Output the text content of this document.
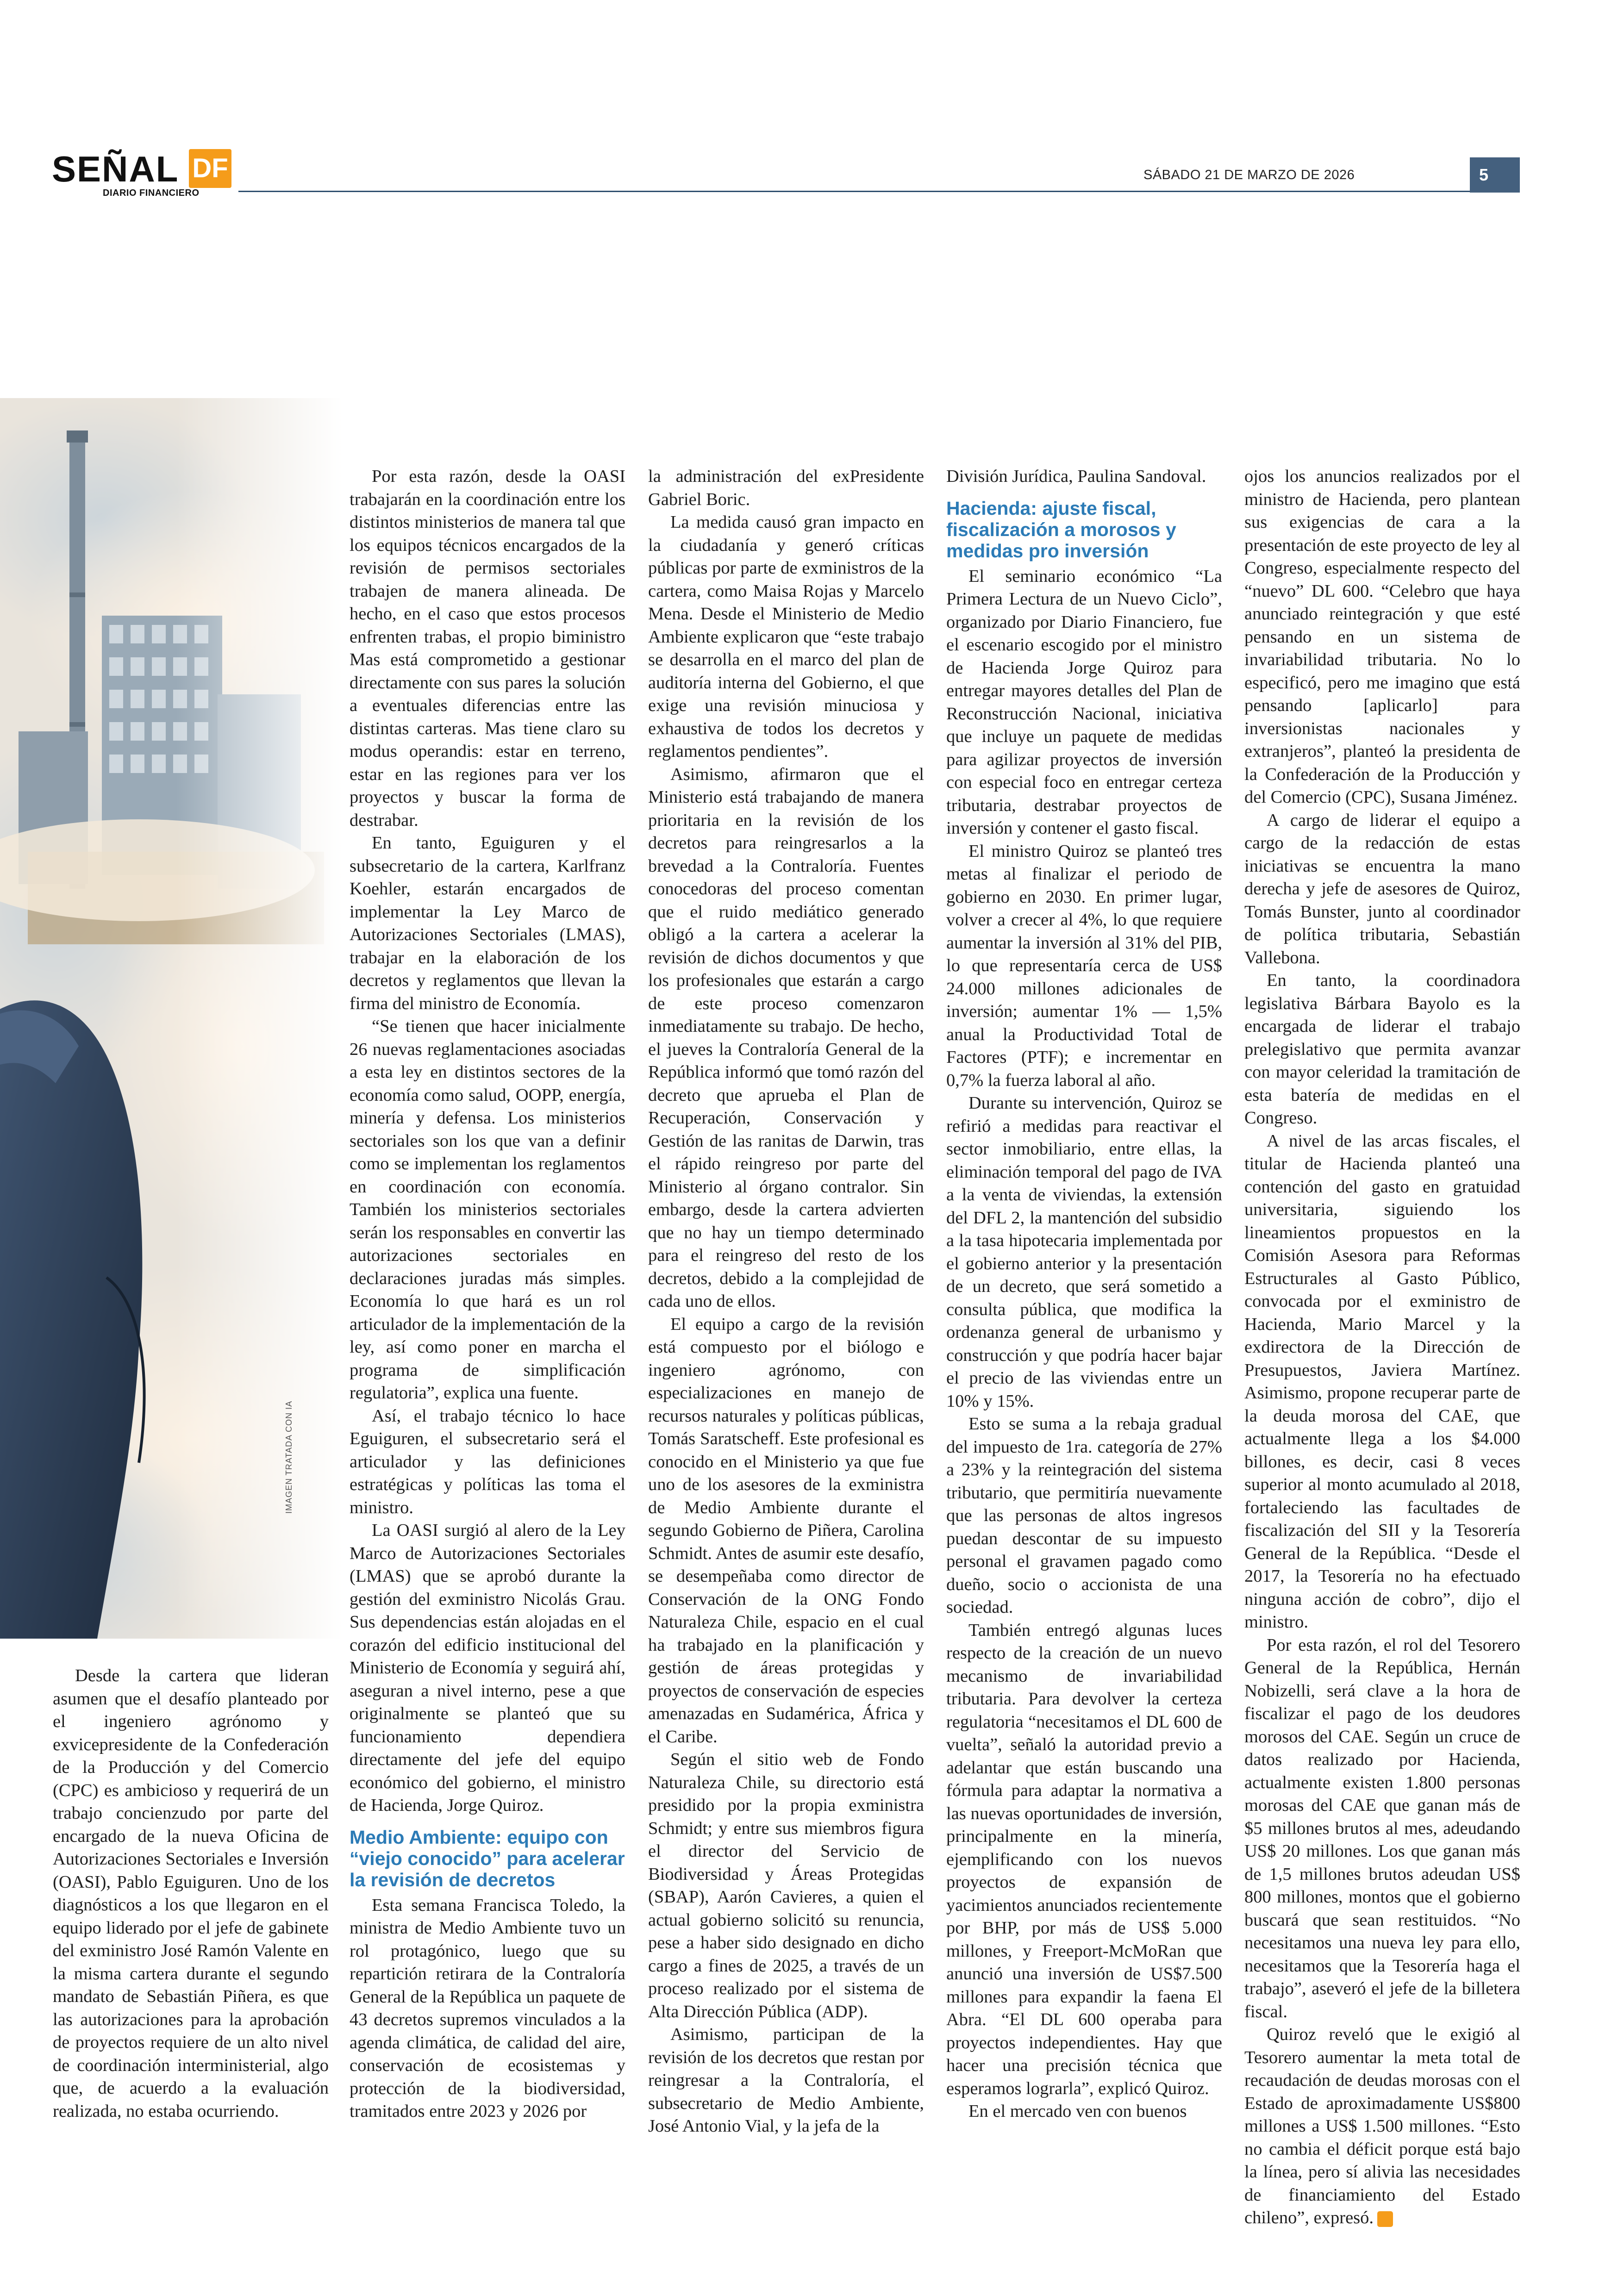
SEÑAL DF
DIARIO FINANCIERO
SÁBADO 21 DE MARZO DE 2026	5
IMAGEN TRATADA CON IA

Desde la cartera que lideran asumen que el desafío planteado por el ingeniero agrónomo y exvicepresidente de la Confederación de la Producción y del Comercio (CPC) es ambicioso y requerirá de un trabajo concienzudo por parte del encargado de la nueva Oficina de Autorizaciones Sectoriales e Inversión (OASI), Pablo Eguiguren. Uno de los diagnósticos a los que llegaron en el equipo liderado por el jefe de gabinete del exministro José Ramón Valente en la misma cartera durante el segundo mandato de Sebastián Piñera, es que las autorizaciones para la aprobación de proyectos requiere de un alto nivel de coordinación interministerial, algo que, de acuerdo a la evaluación realizada, no estaba ocurriendo.

Por esta razón, desde la OASI trabajarán en la coordinación entre los distintos ministerios de manera tal que los equipos técnicos encargados de la revisión de permisos sectoriales trabajen de manera alineada. De hecho, en el caso que estos procesos enfrenten trabas, el propio biministro Mas está comprometido a gestionar directamente con sus pares la solución a eventuales diferencias entre las distintas carteras. Mas tiene claro su modus operandis: estar en terreno, estar en las regiones para ver los proyectos y buscar la forma de destrabar.

En tanto, Eguiguren y el subsecretario de la cartera, Karlfranz Koehler, estarán encargados de implementar la Ley Marco de Autorizaciones Sectoriales (LMAS), trabajar en la elaboración de los decretos y reglamentos que llevan la firma del ministro de Economía.

“Se tienen que hacer inicialmente 26 nuevas reglamentaciones asociadas a esta ley en distintos sectores de la economía como salud, OOPP, energía, minería y defensa. Los ministerios sectoriales son los que van a definir como se implementan los reglamentos en coordinación con economía. También los ministerios sectoriales serán los responsables en convertir las autorizaciones sectoriales en declaraciones juradas más simples. Economía lo que hará es un rol articulador de la implementación de la ley, así como poner en marcha el programa de simplificación regulatoria”, explica una fuente.

Así, el trabajo técnico lo hace Eguiguren, el subsecretario será el articulador y las definiciones estratégicas y políticas las toma el ministro.

La OASI surgió al alero de la Ley Marco de Autorizaciones Sectoriales (LMAS) que se aprobó durante la gestión del exministro Nicolás Grau. Sus dependencias están alojadas en el corazón del edificio institucional del Ministerio de Economía y seguirá ahí, aseguran a nivel interno, pese a que originalmente se planteó que su funcionamiento dependiera directamente del jefe del equipo económico del gobierno, el ministro de Hacienda, Jorge Quiroz.

Medio Ambiente: equipo con “viejo conocido” para acelerar la revisión de decretos

Esta semana Francisca Toledo, la ministra de Medio Ambiente tuvo un rol protagónico, luego que su repartición retirara de la Contraloría General de la República un paquete de 43 decretos supremos vinculados a la agenda climática, de calidad del aire, conservación de ecosistemas y protección de la biodiversidad, tramitados entre 2023 y 2026 por

la administración del exPresidente Gabriel Boric.

La medida causó gran impacto en la ciudadanía y generó críticas públicas por parte de exministros de la cartera, como Maisa Rojas y Marcelo Mena. Desde el Ministerio de Medio Ambiente explicaron que “este trabajo se desarrolla en el marco del plan de auditoría interna del Gobierno, el que exige una revisión minuciosa y exhaustiva de todos los decretos y reglamentos pendientes”.

Asimismo, afirmaron que el Ministerio está trabajando de manera prioritaria en la revisión de los decretos para reingresarlos a la brevedad a la Contraloría. Fuentes conocedoras del proceso comentan que el ruido mediático generado obligó a la cartera a acelerar la revisión de dichos documentos y que los profesionales que estarán a cargo de este proceso comenzaron inmediatamente su trabajo. De hecho, el jueves la Contraloría General de la República informó que tomó razón del decreto que aprueba el Plan de Recuperación, Conservación y Gestión de las ranitas de Darwin, tras el rápido reingreso por parte del Ministerio al órgano contralor. Sin embargo, desde la cartera advierten que no hay un tiempo determinado para el reingreso del resto de los decretos, debido a la complejidad de cada uno de ellos.

El equipo a cargo de la revisión está compuesto por el biólogo e ingeniero agrónomo, con especializaciones en manejo de recursos naturales y políticas públicas, Tomás Saratscheff. Este profesional es conocido en el Ministerio ya que fue uno de los asesores de la exministra de Medio Ambiente durante el segundo Gobierno de Piñera, Carolina Schmidt. Antes de asumir este desafío, se desempeñaba como director de Conservación de la ONG Fondo Naturaleza Chile, espacio en el cual ha trabajado en la planificación y gestión de áreas protegidas y proyectos de conservación de especies amenazadas en Sudamérica, África y el Caribe.

Según el sitio web de Fondo Naturaleza Chile, su directorio está presidido por la propia exministra Schmidt; y entre sus miembros figura el director del Servicio de Biodiversidad y Áreas Protegidas (SBAP), Aarón Cavieres, a quien el actual gobierno solicitó su renuncia, pese a haber sido designado en dicho cargo a fines de 2025, a través de un proceso realizado por el sistema de Alta Dirección Pública (ADP).

Asimismo, participan de la revisión de los decretos que restan por reingresar a la Contraloría, el subsecretario de Medio Ambiente, José Antonio Vial, y la jefa de la

División Jurídica, Paulina Sandoval.

Hacienda: ajuste fiscal, fiscalización a morosos y medidas pro inversión

El seminario económico “La Primera Lectura de un Nuevo Ciclo”, organizado por Diario Financiero, fue el escenario escogido por el ministro de Hacienda Jorge Quiroz para entregar mayores detalles del Plan de Reconstrucción Nacional, iniciativa que incluye un paquete de medidas para agilizar proyectos de inversión con especial foco en entregar certeza tributaria, destrabar proyectos de inversión y contener el gasto fiscal.

El ministro Quiroz se planteó tres metas al finalizar el periodo de gobierno en 2030. En primer lugar, volver a crecer al 4%, lo que requiere aumentar la inversión al 31% del PIB, lo que representaría cerca de US$ 24.000 millones adicionales de inversión; aumentar 1% — 1,5% anual la Productividad Total de Factores (PTF); e incrementar en 0,7% la fuerza laboral al año.

Durante su intervención, Quiroz se refirió a medidas para reactivar el sector inmobiliario, entre ellas, la eliminación temporal del pago de IVA a la venta de viviendas, la extensión del DFL 2, la mantención del subsidio a la tasa hipotecaria implementada por el gobierno anterior y la presentación de un decreto, que será sometido a consulta pública, que modifica la ordenanza general de urbanismo y construcción y que podría hacer bajar el precio de las viviendas entre un 10% y 15%.

Esto se suma a la rebaja gradual del impuesto de 1ra. categoría de 27% a 23% y la reintegración del sistema tributario, que permitiría nuevamente que las personas de altos ingresos puedan descontar de su impuesto personal el gravamen pagado como dueño, socio o accionista de una sociedad.

También entregó algunas luces respecto de la creación de un nuevo mecanismo de invariabilidad tributaria. Para devolver la certeza regulatoria “necesitamos el DL 600 de vuelta”, señaló la autoridad previo a adelantar que están buscando una fórmula para adaptar la normativa a las nuevas oportunidades de inversión, principalmente en la minería, ejemplificando con los nuevos proyectos de expansión de yacimientos anunciados recientemente por BHP, por más de US$ 5.000 millones, y Freeport-McMoRan que anunció una inversión de US$7.500 millones para expandir la faena El Abra. “El DL 600 operaba para proyectos independientes. Hay que hacer una precisión técnica que esperamos lograrla”, explicó Quiroz.

En el mercado ven con buenos

ojos los anuncios realizados por el ministro de Hacienda, pero plantean sus exigencias de cara a la presentación de este proyecto de ley al Congreso, especialmente respecto del “nuevo” DL 600. “Celebro que haya anunciado reintegración y que esté pensando en un sistema de invariabilidad tributaria. No lo especificó, pero me imagino que está pensando [aplicarlo] para inversionistas nacionales y extranjeros”, planteó la presidenta de la Confederación de la Producción y del Comercio (CPC), Susana Jiménez.

A cargo de liderar el equipo a cargo de la redacción de estas iniciativas se encuentra la mano derecha y jefe de asesores de Quiroz, Tomás Bunster, junto al coordinador de política tributaria, Sebastián Vallebona.

En tanto, la coordinadora legislativa Bárbara Bayolo es la encargada de liderar el trabajo prelegislativo que permita avanzar con mayor celeridad la tramitación de esta batería de medidas en el Congreso.

A nivel de las arcas fiscales, el titular de Hacienda planteó una contención del gasto en gratuidad universitaria, siguiendo los lineamientos propuestos en la Comisión Asesora para Reformas Estructurales al Gasto Público, convocada por el exministro de Hacienda, Mario Marcel y la exdirectora de la Dirección de Presupuestos, Javiera Martínez. Asimismo, propone recuperar parte de la deuda morosa del CAE, que actualmente llega a los $4.000 billones, es decir, casi 8 veces superior al monto acumulado al 2018, fortaleciendo las facultades de fiscalización del SII y la Tesorería General de la República. “Desde el 2017, la Tesorería no ha efectuado ninguna acción de cobro”, dijo el ministro.

Por esta razón, el rol del Tesorero General de la República, Hernán Nobizelli, será clave a la hora de fiscalizar el pago de los deudores morosos del CAE. Según un cruce de datos realizado por Hacienda, actualmente existen 1.800 personas morosas del CAE que ganan más de $5 millones brutos al mes, adeudando US$ 20 millones. Los que ganan más de 1,5 millones brutos adeudan US$ 800 millones, montos que el gobierno buscará que sean restituidos. “No necesitamos una nueva ley para ello, necesitamos que la Tesorería haga el trabajo”, aseveró el jefe de la billetera fiscal.

Quiroz reveló que le exigió al Tesorero aumentar la meta total de recaudación de deudas morosas con el Estado de aproximadamente US$800 millones a US$ 1.500 millones. “Esto no cambia el déficit porque está bajo la línea, pero sí alivia las necesidades de financiamiento del Estado chileno”, expresó.
